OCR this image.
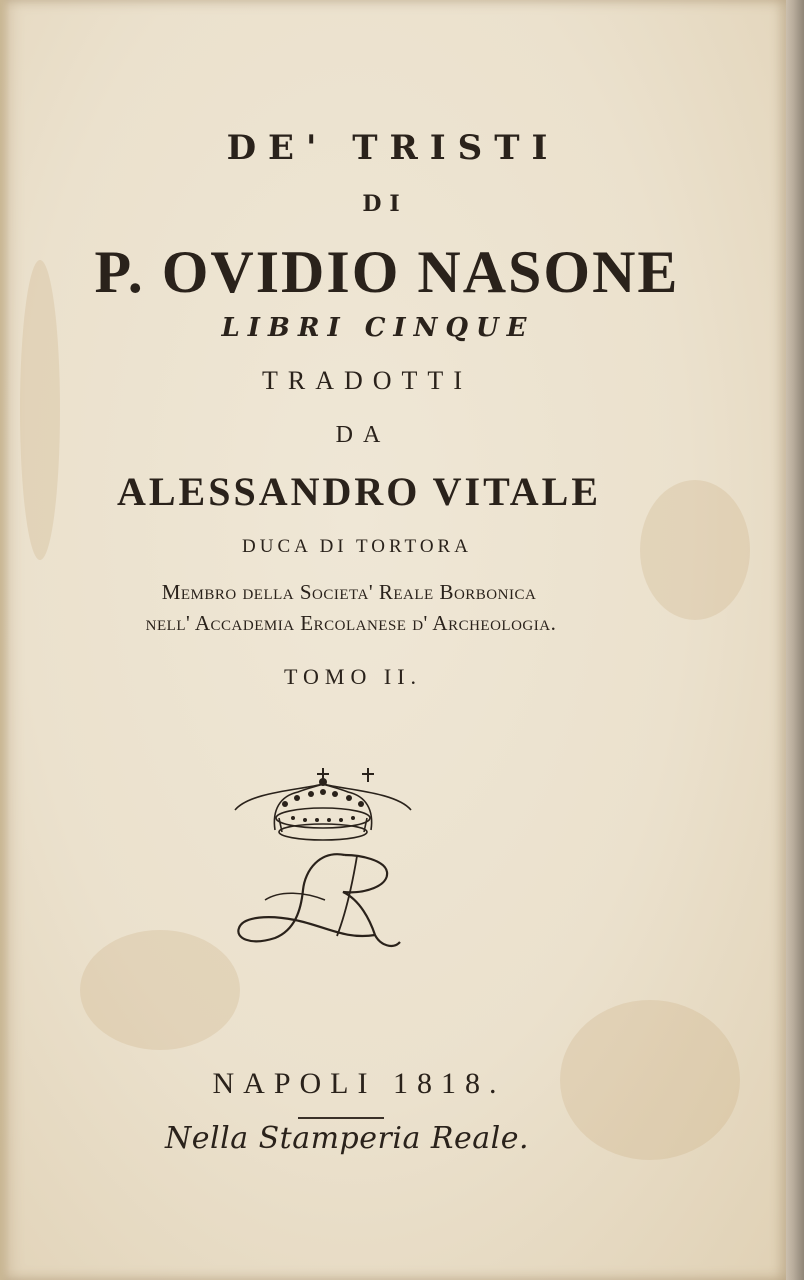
DE' TRISTI
DI
P. OVIDIO NASONE
LIBRI CINQUE
TRADOTTI
DA
ALESSANDRO VITALE
DUCA DI TORTORA
Membro della Societa' Reale Borbonica
nell' Accademia Ercolanese d' Archeologia.
TOMO II.
NAPOLI 1818.
Nella Stamperia Reale.
